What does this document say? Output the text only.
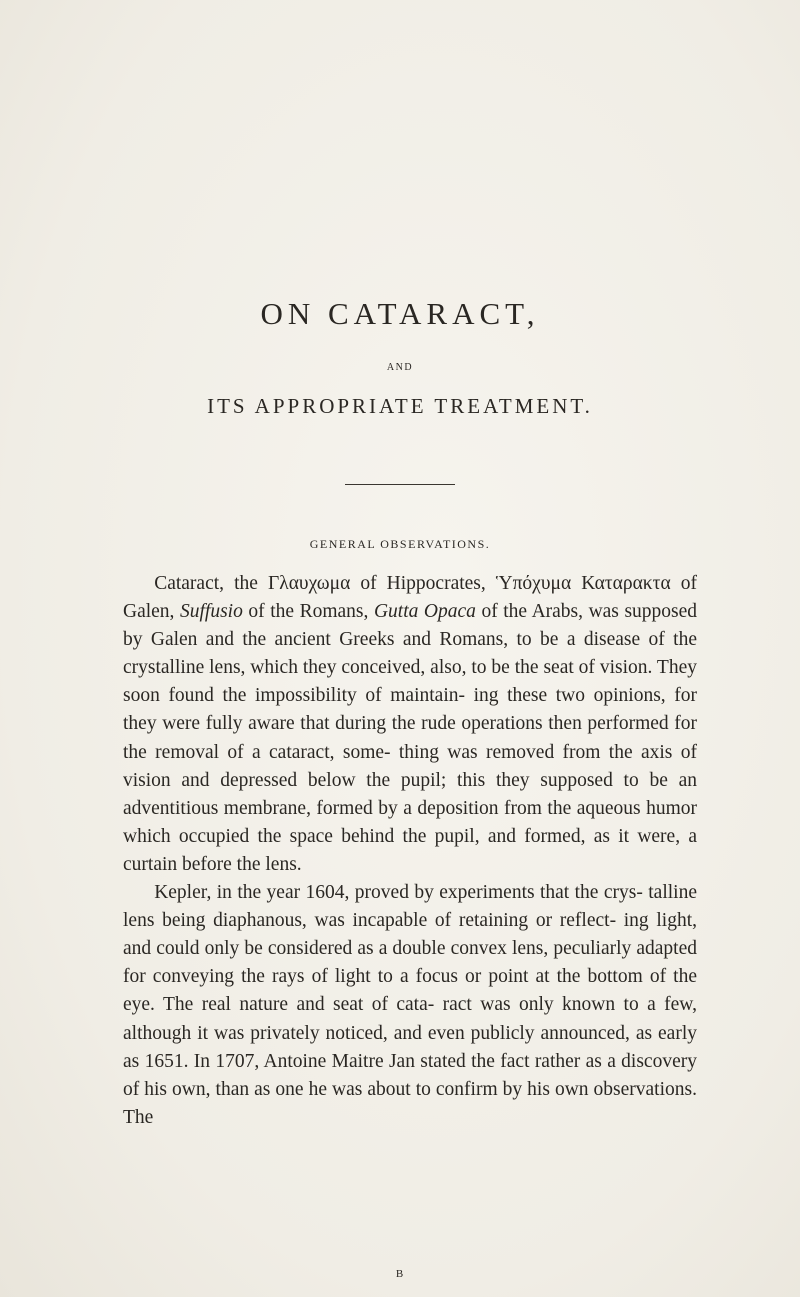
ON CATARACT,
AND
ITS APPROPRIATE TREATMENT.
GENERAL OBSERVATIONS.

Cataract, the Γλαυχωμα of Hippocrates, Ὑπόχυμα Καταρακτα of Galen, Suffusio of the Romans, Gutta Opaca of the Arabs, was supposed by Galen and the ancient Greeks and Romans, to be a disease of the crystalline lens, which they conceived, also, to be the seat of vision. They soon found the impossibility of maintain- ing these two opinions, for they were fully aware that during the rude operations then performed for the removal of a cataract, some- thing was removed from the axis of vision and depressed below the pupil; this they supposed to be an adventitious membrane, formed by a deposition from the aqueous humor which occupied the space behind the pupil, and formed, as it were, a curtain before the lens.

Kepler, in the year 1604, proved by experiments that the crys- talline lens being diaphanous, was incapable of retaining or reflect- ing light, and could only be considered as a double convex lens, peculiarly adapted for conveying the rays of light to a focus or point at the bottom of the eye. The real nature and seat of cata- ract was only known to a few, although it was privately noticed, and even publicly announced, as early as 1651. In 1707, Antoine Maitre Jan stated the fact rather as a discovery of his own, than as one he was about to confirm by his own observations. The

B
